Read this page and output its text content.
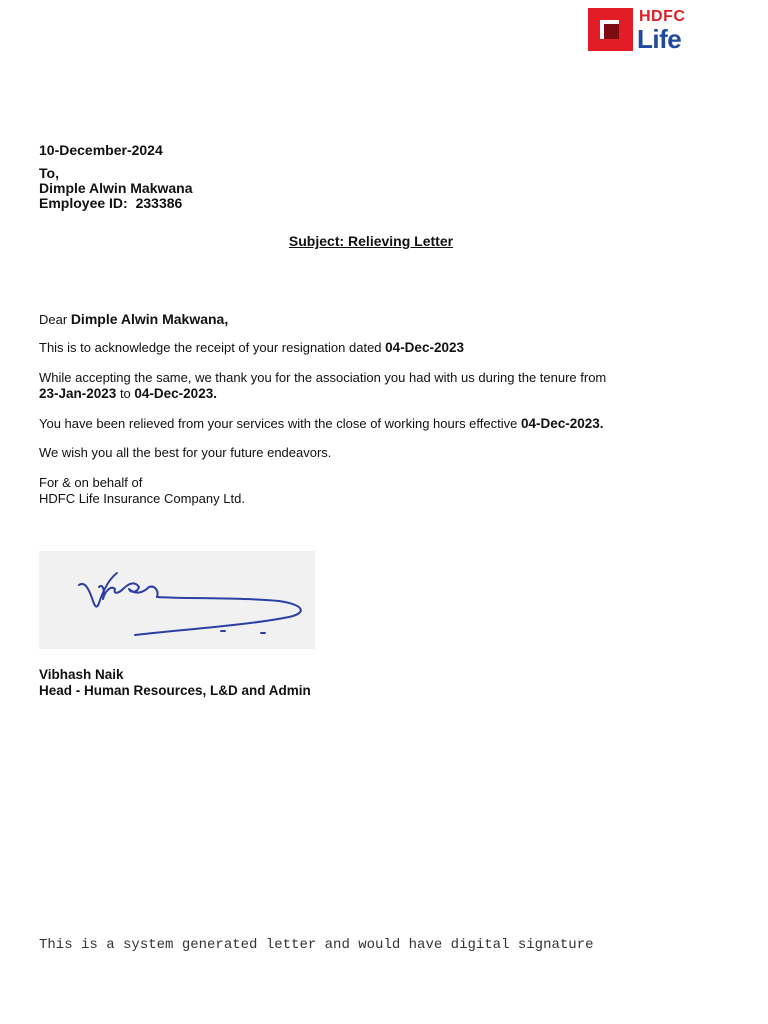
HDFC
Life
10-December-2024
To,
Dimple Alwin Makwana
Employee ID: 233386
Subject: Relieving Letter
Dear Dimple Alwin Makwana,
This is to acknowledge the receipt of your resignation dated 04-Dec-2023
While accepting the same, we thank you for the association you had with us during the tenure from
23-Jan-2023 to 04-Dec-2023.
You have been relieved from your services with the close of working hours effective 04-Dec-2023.
We wish you all the best for your future endeavors.
For & on behalf of
HDFC Life Insurance Company Ltd.
Vibhash Naik
Head - Human Resources, L&D and Admin
This is a system generated letter and would have digital signature
